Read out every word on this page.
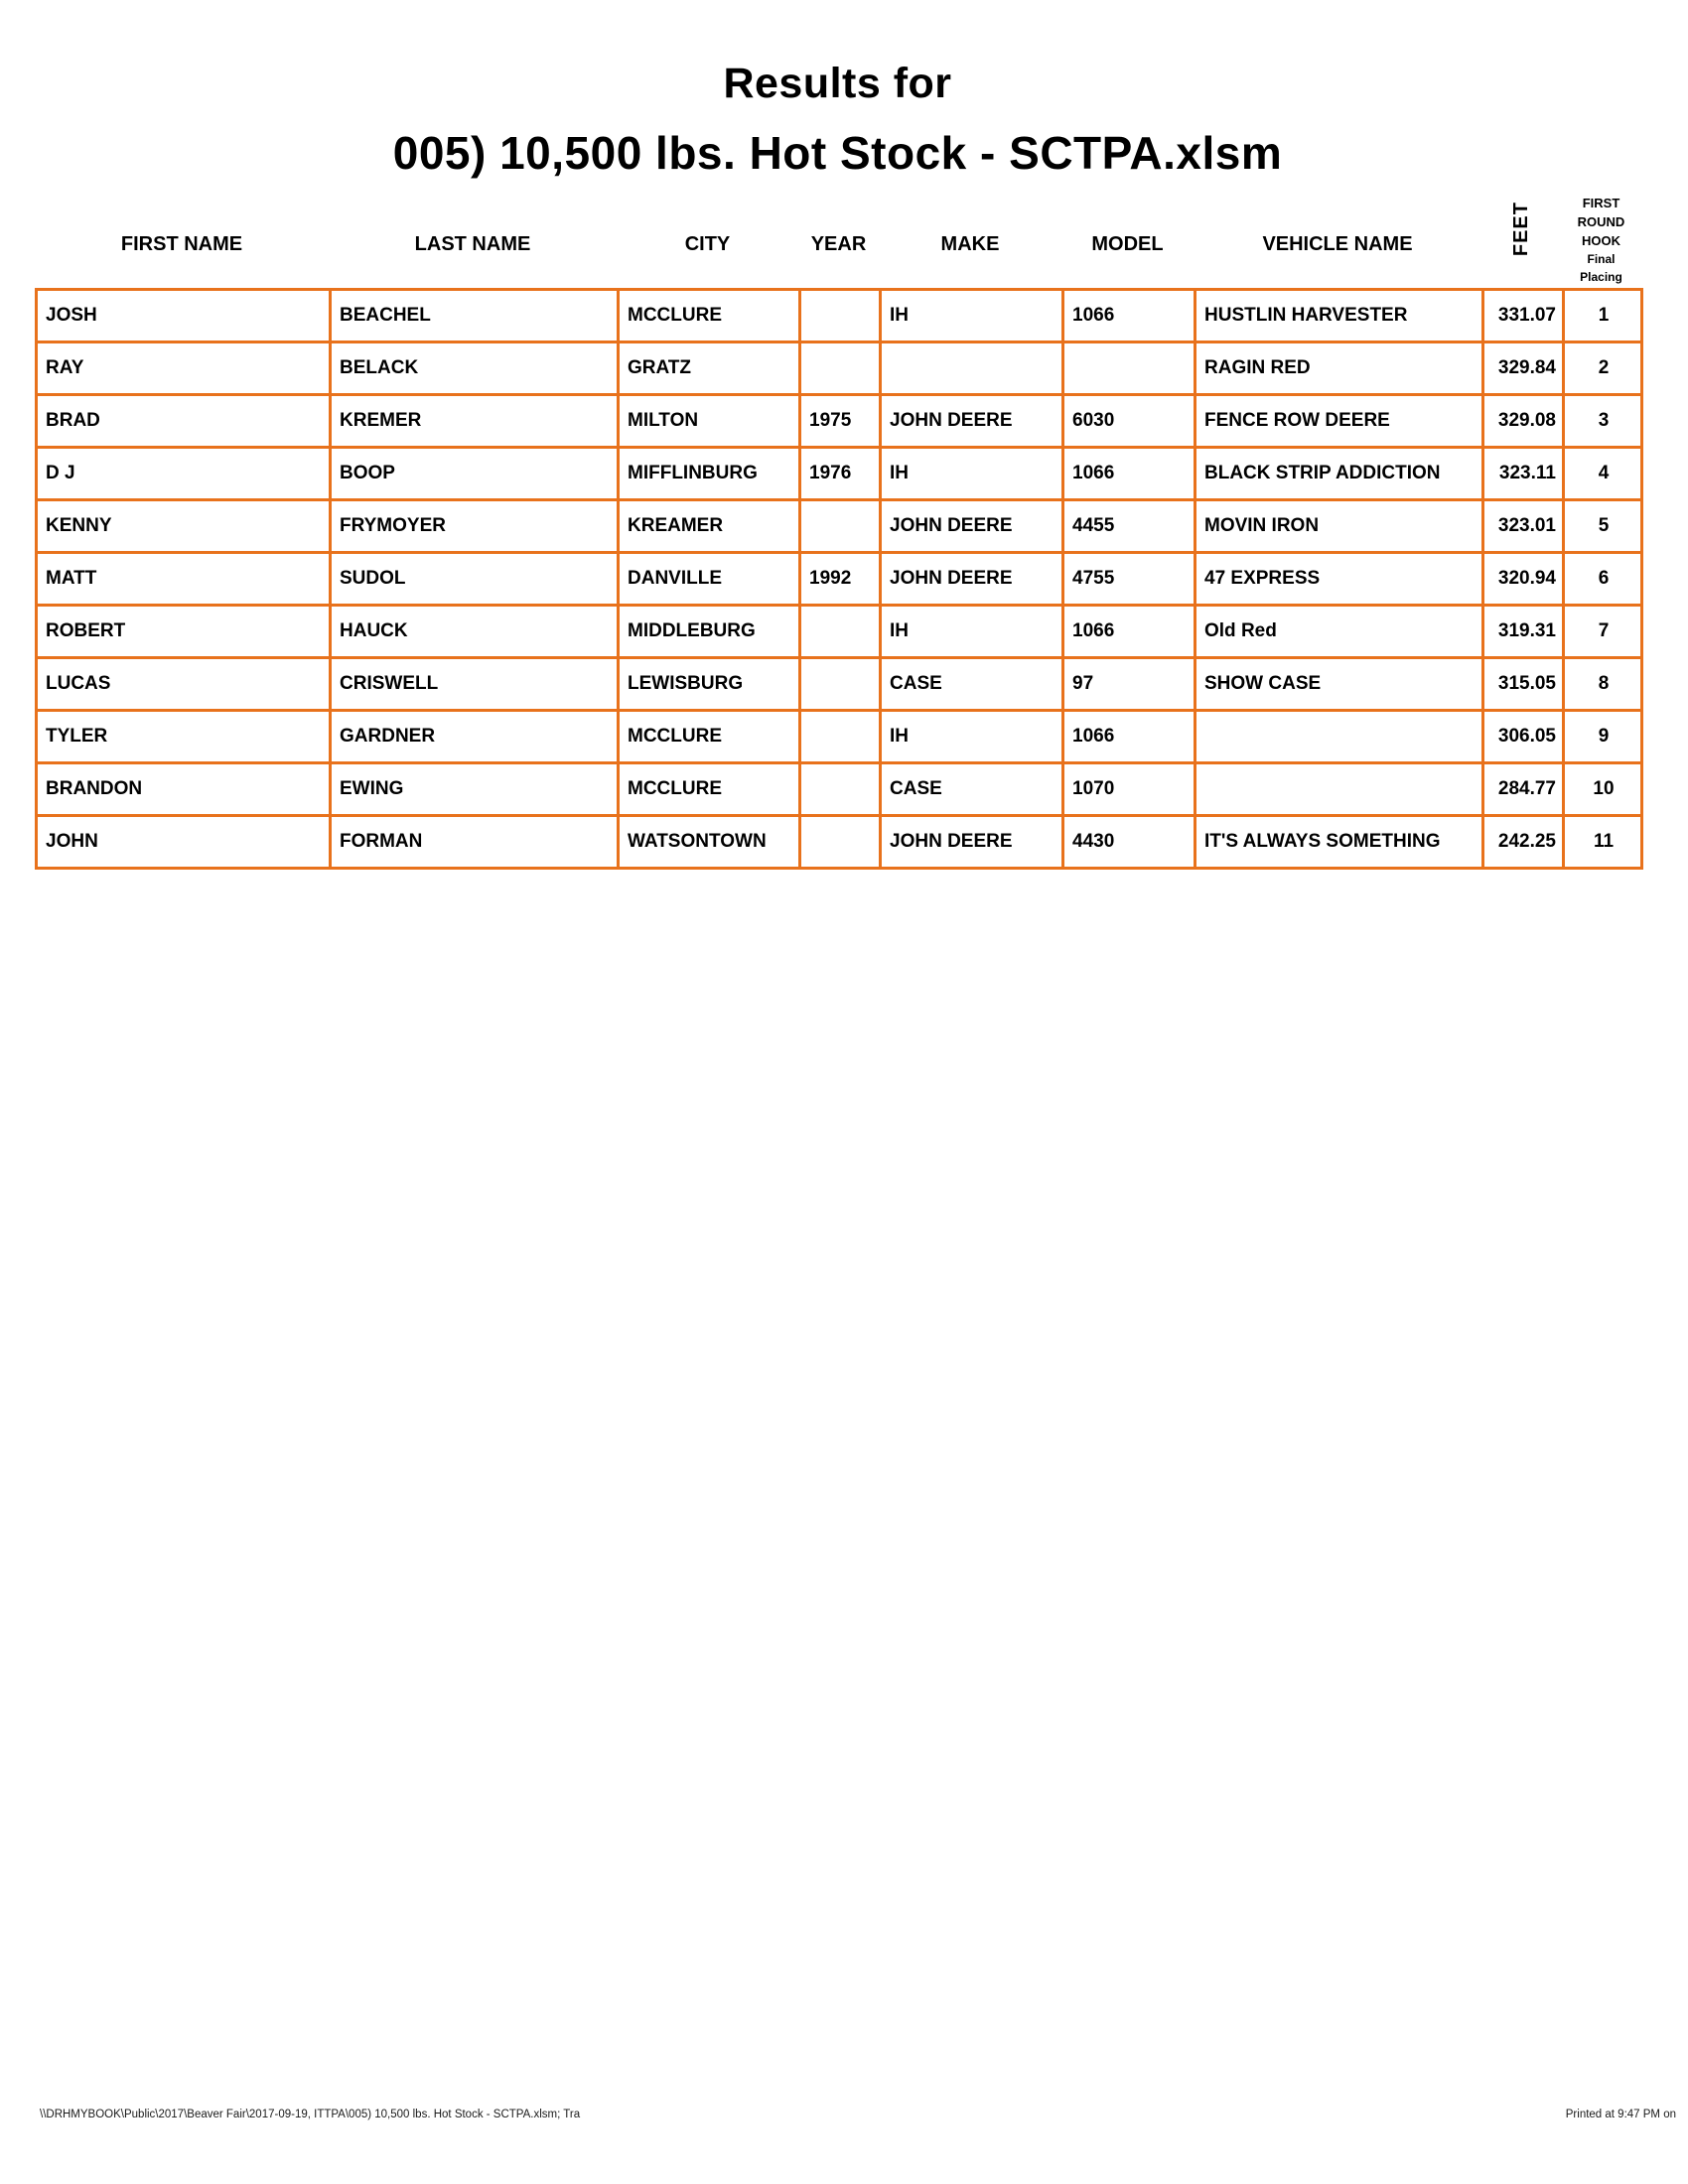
Results for
005) 10,500 lbs. Hot Stock - SCTPA.xlsm
FIRST NAME	LAST NAME	CITY	YEAR	MAKE	MODEL	VEHICLE NAME	FEET	FIRST
ROUND
HOOK
Final
Placing
JOSH	BEACHEL	MCCLURE		IH	1066	HUSTLIN HARVESTER	331.07	1
RAY	BELACK	GRATZ				RAGIN RED	329.84	2
BRAD	KREMER	MILTON	1975	JOHN DEERE	6030	FENCE ROW DEERE	329.08	3
D J	BOOP	MIFFLINBURG	1976	IH	1066	BLACK STRIP ADDICTION	323.11	4
KENNY	FRYMOYER	KREAMER		JOHN DEERE	4455	MOVIN IRON	323.01	5
MATT	SUDOL	DANVILLE	1992	JOHN DEERE	4755	47 EXPRESS	320.94	6
ROBERT	HAUCK	MIDDLEBURG		IH	1066	Old Red	319.31	7
LUCAS	CRISWELL	LEWISBURG		CASE	97	SHOW CASE	315.05	8
TYLER	GARDNER	MCCLURE		IH	1066		306.05	9
BRANDON	EWING	MCCLURE		CASE	1070		284.77	10
JOHN	FORMAN	WATSONTOWN		JOHN DEERE	4430	IT'S ALWAYS SOMETHING	242.25	11
\\DRHMYBOOK\Public\2017\Beaver Fair\2017-09-19, ITTPA\005) 10,500 lbs. Hot Stock - SCTPA.xlsm; Tra	Printed at 9:47 PM on
